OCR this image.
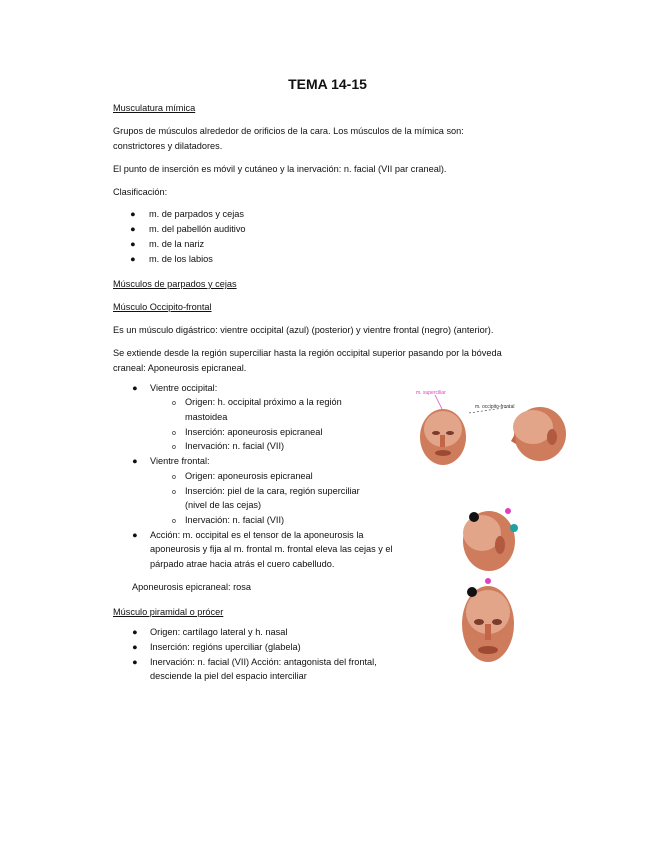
TEMA 14-15
Musculatura mímica
Grupos de músculos alrededor de orificios de la cara. Los músculos de la mímica son:
constrictores y dilatadores.
El punto de inserción es móvil y cutáneo y la inervación: n. facial (VII par craneal).
Clasificación:
● m. de parpados y cejas
● m. del pabellón auditivo
● m. de la nariz
● m. de los labios
Músculos de parpados y cejas
Músculo Occipito-frontal
Es un músculo digástrico: vientre occipital (azul) (posterior) y vientre frontal (negro) (anterior).
Se extiende desde la región superciliar hasta la región occipital superior pasando por la bóveda
craneal: Aponeurosis epicraneal.
● Vientre occipital:
o Origen: h. occipital próximo a la región
mastoidea
o Inserción: aponeurosis epicraneal
o Inervación: n. facial (VII)
● Vientre frontal:
o Origen: aponeurosis epicraneal
o Inserción: piel de la cara, región superciliar
(nivel de las cejas)
o Inervación: n. facial (VII)
● Acción: m. occipital es el tensor de la aponeurosis la
aponeurosis y fija al m. frontal m. frontal eleva las cejas y el
párpado atrae hacia atrás el cuero cabelludo.
Aponeurosis epicraneal: rosa
Músculo piramidal o prócer
● Origen: cartílago lateral y h. nasal
● Inserción: regións uperciliar (glabela)
● Inervación: n. facial (VII) Acción: antagonista del frontal,
desciende la piel del espacio interciliar
m. superciliar
m. occipito-frontal
